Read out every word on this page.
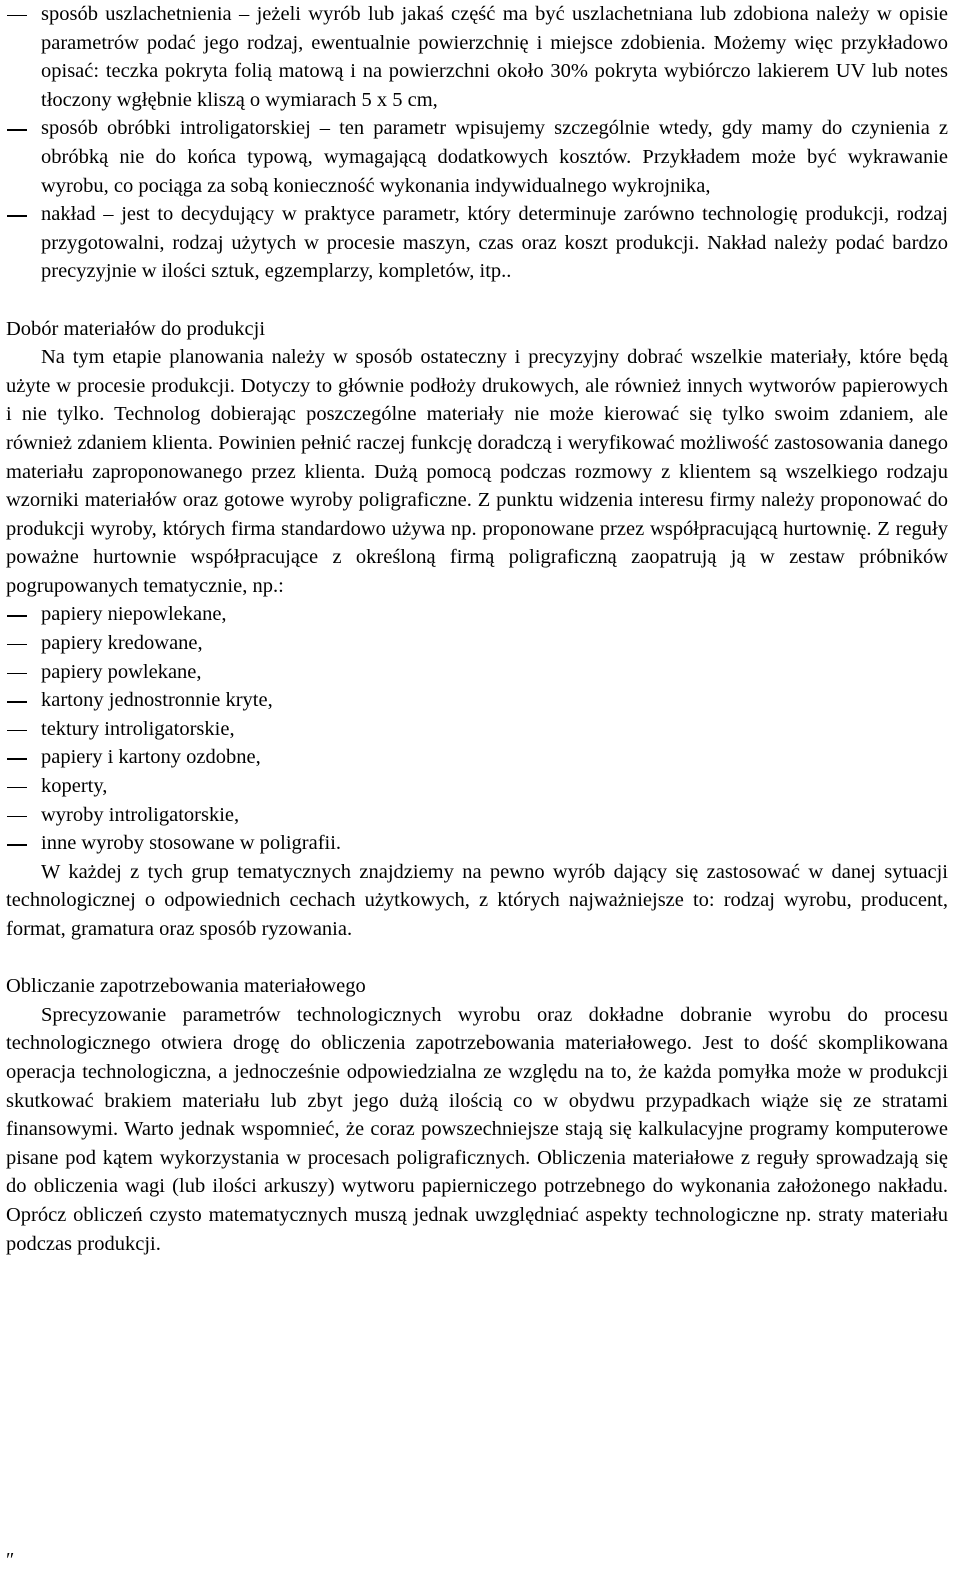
sposób uszlachetnienia – jeżeli wyrób lub jakaś część ma być uszlachetniana lub zdobiona należy w opisie parametrów podać jego rodzaj, ewentualnie powierzchnię i miejsce zdobienia. Możemy więc przykładowo opisać: teczka pokryta folią matową i na powierzchni około 30% pokryta wybiórczo lakierem UV lub notes tłoczony wgłębnie kliszą o wymiarach 5 x 5 cm,
sposób obróbki introligatorskiej – ten parametr wpisujemy szczególnie wtedy, gdy mamy do czynienia z obróbką nie do końca typową, wymagającą dodatkowych kosztów. Przykładem może być wykrawanie wyrobu, co pociąga za sobą konieczność wykonania indywidualnego wykrojnika,
nakład – jest to decydujący w praktyce parametr, który determinuje zarówno technologię produkcji, rodzaj przygotowalni, rodzaj użytych w procesie maszyn, czas oraz koszt produkcji. Nakład należy podać bardzo precyzyjnie w ilości sztuk, egzemplarzy, kompletów, itp..

Dobór materiałów do produkcji

Na tym etapie planowania należy w sposób ostateczny i precyzyjny dobrać wszelkie materiały, które będą użyte w procesie produkcji. Dotyczy to głównie podłoży drukowych, ale również innych wytworów papierowych i nie tylko. Technolog dobierając poszczególne materiały nie może kierować się tylko swoim zdaniem, ale również zdaniem klienta. Powinien pełnić raczej funkcję doradczą i weryfikować możliwość zastosowania danego materiału zaproponowanego przez klienta. Dużą pomocą podczas rozmowy z klientem są wszelkiego rodzaju wzorniki materiałów oraz gotowe wyroby poligraficzne. Z punktu widzenia interesu firmy należy proponować do produkcji wyroby, których firma standardowo używa np. proponowane przez współpracującą hurtownię. Z reguły poważne hurtownie współpracujące z określoną firmą poligraficzną zaopatrują ją w zestaw próbników pogrupowanych tematycznie, np.:

papiery niepowlekane,
papiery kredowane,
papiery powlekane,
kartony jednostronnie kryte,
tektury introligatorskie,
papiery i kartony ozdobne,
koperty,
wyroby introligatorskie,
inne wyroby stosowane w poligrafii.

W każdej z tych grup tematycznych znajdziemy na pewno wyrób dający się zastosować w danej sytuacji technologicznej o odpowiednich cechach użytkowych, z których najważniejsze to: rodzaj wyrobu, producent, format, gramatura oraz sposób ryzowania.

Obliczanie zapotrzebowania materiałowego

Sprecyzowanie parametrów technologicznych wyrobu oraz dokładne dobranie wyrobu do procesu technologicznego otwiera drogę do obliczenia zapotrzebowania materiałowego. Jest to dość skomplikowana operacja technologiczna, a jednocześnie odpowiedzialna ze względu na to, że każda pomyłka może w produkcji skutkować brakiem materiału lub zbyt jego dużą ilością co w obydwu przypadkach wiąże się ze stratami finansowymi. Warto jednak wspomnieć, że coraz powszechniejsze stają się kalkulacyjne programy komputerowe pisane pod kątem wykorzystania w procesach poligraficznych. Obliczenia materiałowe z reguły sprowadzają się do obliczenia wagi (lub ilości arkuszy) wytworu papierniczego potrzebnego do wykonania założonego nakładu. Oprócz obliczeń czysto matematycznych muszą jednak uwzględniać aspekty technologiczne np. straty materiału podczas produkcji.

″
